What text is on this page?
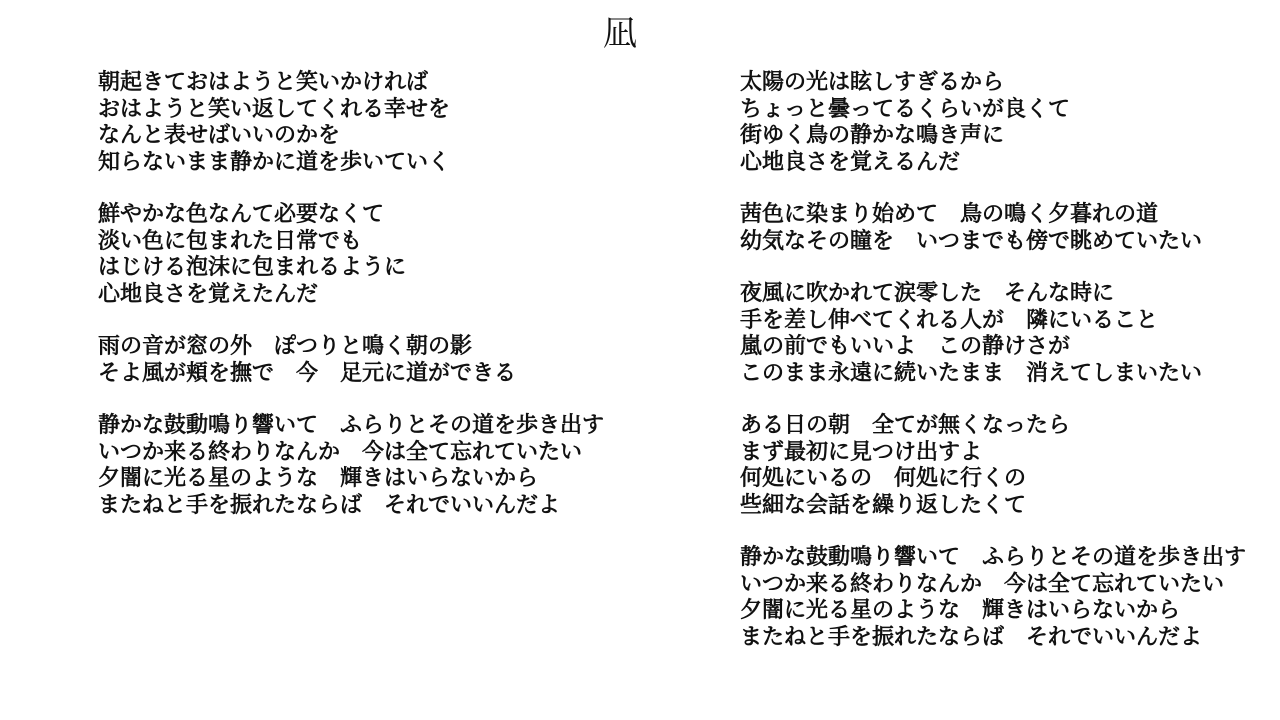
凪
朝起きておはようと笑いかければ
おはようと笑い返してくれる幸せを
なんと表せばいいのかを
知らないまま静かに道を歩いていく
鮮やかな色なんて必要なくて
淡い色に包まれた日常でも
はじける泡沫に包まれるように
心地良さを覚えたんだ
雨の音が窓の外　ぽつりと鳴く朝の影
そよ風が頬を撫で　今　足元に道ができる
静かな鼓動鳴り響いて　ふらりとその道を歩き出す
いつか来る終わりなんか　今は全て忘れていたい
夕闇に光る星のような　輝きはいらないから
またねと手を振れたならば　それでいいんだよ
太陽の光は眩しすぎるから
ちょっと曇ってるくらいが良くて
街ゆく鳥の静かな鳴き声に
心地良さを覚えるんだ
茜色に染まり始めて　鳥の鳴く夕暮れの道
幼気なその瞳を　いつまでも傍で眺めていたい
夜風に吹かれて涙零した　そんな時に
手を差し伸べてくれる人が　隣にいること
嵐の前でもいいよ　この静けさが
このまま永遠に続いたまま　消えてしまいたい
ある日の朝　全てが無くなったら
まず最初に見つけ出すよ
何処にいるの　何処に行くの
些細な会話を繰り返したくて
静かな鼓動鳴り響いて　ふらりとその道を歩き出す
いつか来る終わりなんか　今は全て忘れていたい
夕闇に光る星のような　輝きはいらないから
またねと手を振れたならば　それでいいんだよ
